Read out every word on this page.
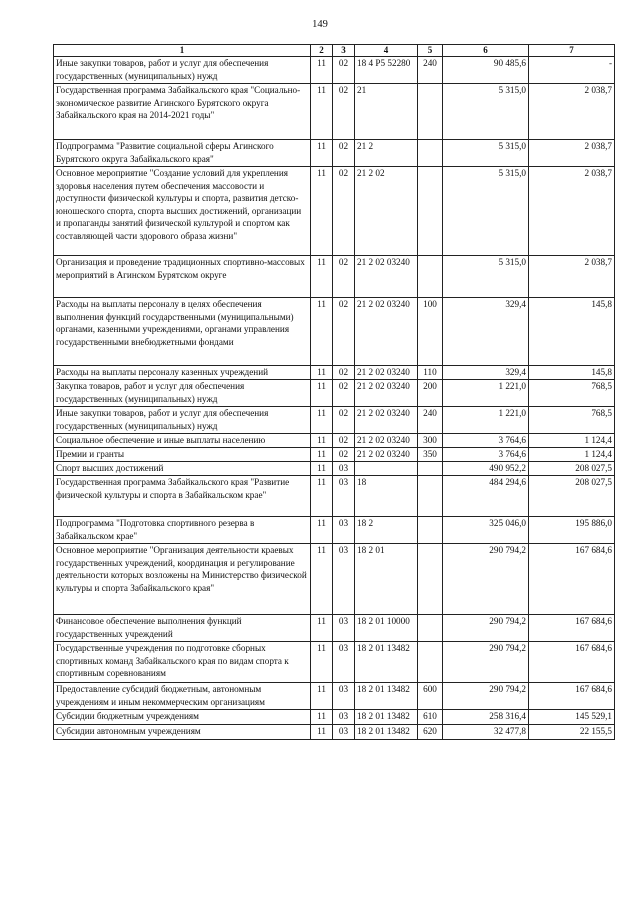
149
1	2	3	4	5	6	7
Иные закупки товаров, работ и услуг для обеспечения государственных (муниципальных) нужд	11	02	18 4 P5 52280	240	90 485,6	-
Государственная программа Забайкальского края "Социально-экономическое развитие Агинского Бурятского округа Забайкальского края на 2014-2021 годы"	11	02	21		5 315,0	2 038,7
Подпрограмма "Развитие социальной сферы Агинского Бурятского округа Забайкальского края"	11	02	21 2		5 315,0	2 038,7
Основное мероприятие "Создание условий для укрепления здоровья населения путем обеспечения массовости и доступности физической культуры и спорта, развития детско-юношеского спорта, спорта высших достижений, организации и пропаганды занятий физической культурой и спортом как составляющей части здорового образа жизни"	11	02	21 2 02		5 315,0	2 038,7
Организация и проведение традиционных спортивно-массовых мероприятий в Агинском Бурятском округе	11	02	21 2 02 03240		5 315,0	2 038,7
Расходы на выплаты персоналу в целях обеспечения выполнения функций государственными (муниципальными) органами, казенными учреждениями, органами управления государственными внебюджетными фондами	11	02	21 2 02 03240	100	329,4	145,8
Расходы на выплаты персоналу казенных учреждений	11	02	21 2 02 03240	110	329,4	145,8
Закупка товаров, работ и услуг для обеспечения государственных (муниципальных) нужд	11	02	21 2 02 03240	200	1 221,0	768,5
Иные закупки товаров, работ и услуг для обеспечения государственных (муниципальных) нужд	11	02	21 2 02 03240	240	1 221,0	768,5
Социальное обеспечение и иные выплаты населению	11	02	21 2 02 03240	300	3 764,6	1 124,4
Премии и гранты	11	02	21 2 02 03240	350	3 764,6	1 124,4
Спорт высших достижений	11	03			490 952,2	208 027,5
Государственная программа Забайкальского края "Развитие физической культуры и спорта в Забайкальском крае"	11	03	18		484 294,6	208 027,5
Подпрограмма "Подготовка спортивного резерва в Забайкальском крае"	11	03	18 2		325 046,0	195 886,0
Основное мероприятие "Организация деятельности краевых государственных учреждений, координация и регулирование деятельности которых возложены на Министерство физической культуры и спорта Забайкальского края"	11	03	18 2 01		290 794,2	167 684,6
Финансовое обеспечение выполнения функций государственных учреждений	11	03	18 2 01 10000		290 794,2	167 684,6
Государственные учреждения по подготовке сборных спортивных команд Забайкальского края по видам спорта к спортивным соревнованиям	11	03	18 2 01 13482		290 794,2	167 684,6
Предоставление субсидий бюджетным, автономным учреждениям и иным некоммерческим организациям	11	03	18 2 01 13482	600	290 794,2	167 684,6
Субсидии бюджетным учреждениям	11	03	18 2 01 13482	610	258 316,4	145 529,1
Субсидии автономным учреждениям	11	03	18 2 01 13482	620	32 477,8	22 155,5
